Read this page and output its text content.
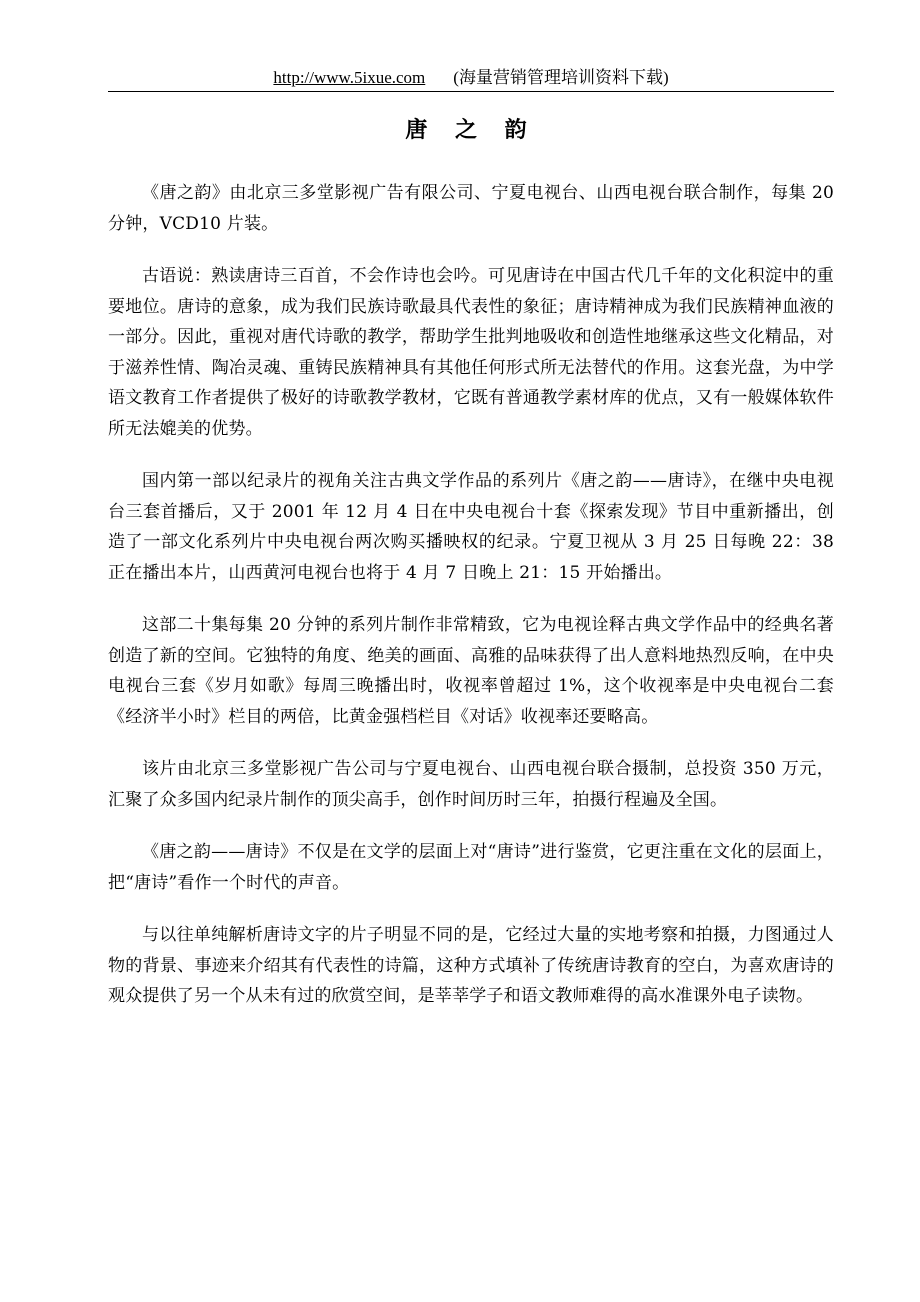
http://www.5ixue.com (海量营销管理培训资料下载)
唐 之 韵

《唐之韵》由北京三多堂影视广告有限公司、宁夏电视台、山西电视台联合制作，每集 20 分钟，VCD10 片装。

古语说：熟读唐诗三百首，不会作诗也会吟。可见唐诗在中国古代几千年的文化积淀中的重要地位。唐诗的意象，成为我们民族诗歌最具代表性的象征；唐诗精神成为我们民族精神血液的一部分。因此，重视对唐代诗歌的教学，帮助学生批判地吸收和创造性地继承这些文化精品，对于滋养性情、陶冶灵魂、重铸民族精神具有其他任何形式所无法替代的作用。这套光盘，为中学语文教育工作者提供了极好的诗歌教学教材，它既有普通教学素材库的优点，又有一般媒体软件所无法媲美的优势。

国内第一部以纪录片的视角关注古典文学作品的系列片《唐之韵——唐诗》，在继中央电视台三套首播后，又于 2001 年 12 月 4 日在中央电视台十套《探索发现》节目中重新播出，创造了一部文化系列片中央电视台两次购买播映权的纪录。宁夏卫视从 3 月 25 日每晚 22：38 正在播出本片，山西黄河电视台也将于 4 月 7 日晚上 21：15 开始播出。

这部二十集每集 20 分钟的系列片制作非常精致，它为电视诠释古典文学作品中的经典名著创造了新的空间。它独特的角度、绝美的画面、高雅的品味获得了出人意料地热烈反响，在中央电视台三套《岁月如歌》每周三晚播出时，收视率曾超过 1%，这个收视率是中央电视台二套《经济半小时》栏目的两倍，比黄金强档栏目《对话》收视率还要略高。

该片由北京三多堂影视广告公司与宁夏电视台、山西电视台联合摄制，总投资 350 万元，汇聚了众多国内纪录片制作的顶尖高手，创作时间历时三年，拍摄行程遍及全国。

《唐之韵——唐诗》不仅是在文学的层面上对“唐诗”进行鉴赏，它更注重在文化的层面上，把“唐诗”看作一个时代的声音。

与以往单纯解析唐诗文字的片子明显不同的是，它经过大量的实地考察和拍摄，力图通过人物的背景、事迹来介绍其有代表性的诗篇，这种方式填补了传统唐诗教育的空白，为喜欢唐诗的观众提供了另一个从未有过的欣赏空间，是莘莘学子和语文教师难得的高水准课外电子读物。
